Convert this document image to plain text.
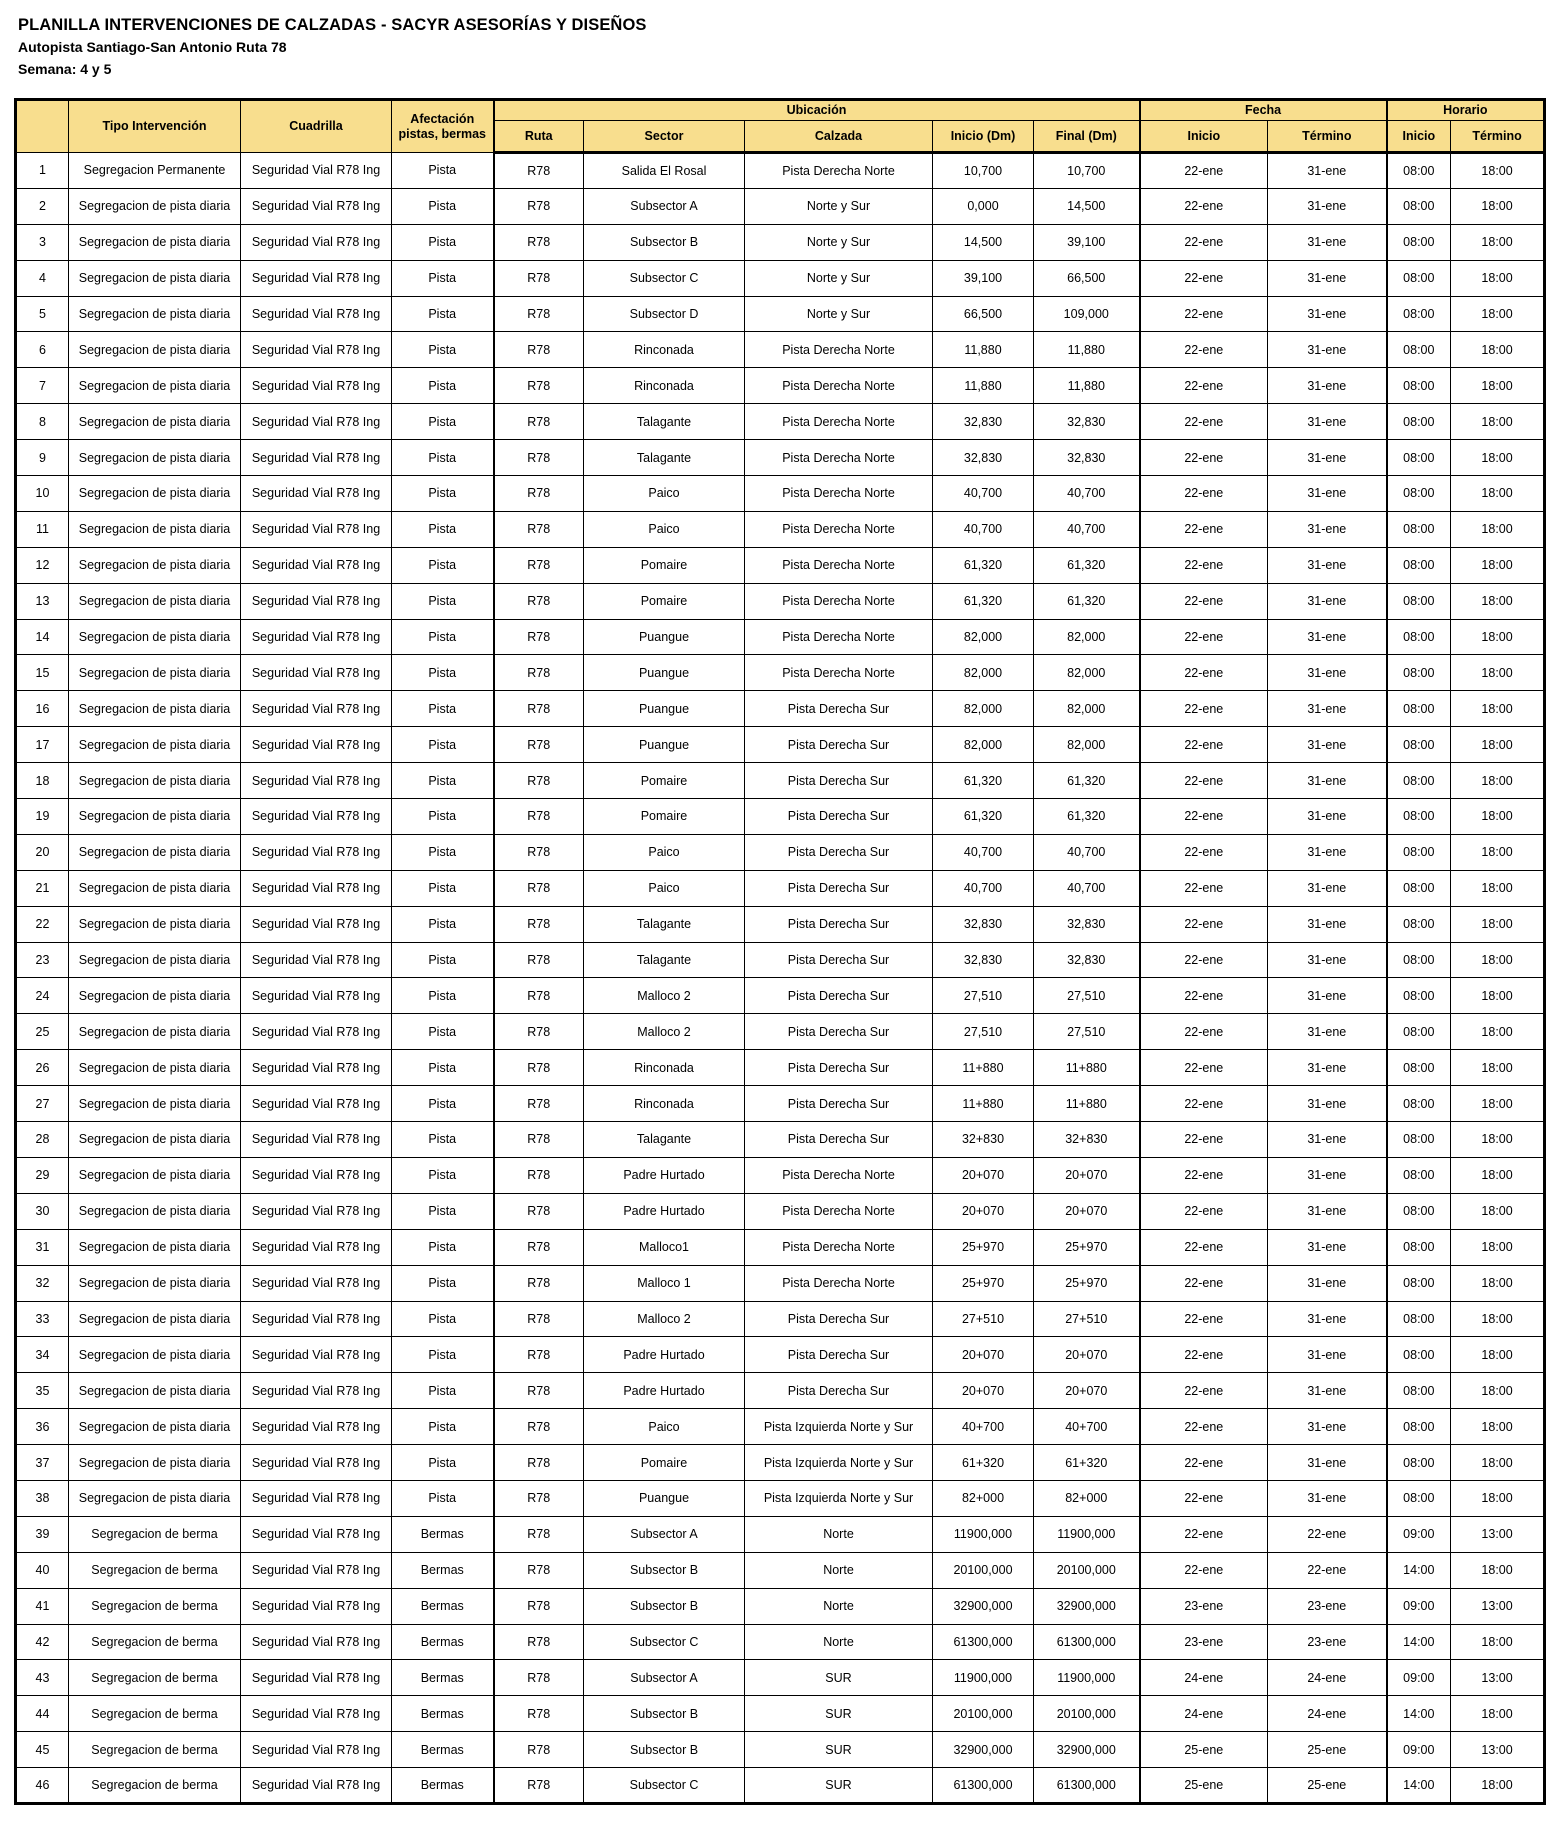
PLANILLA INTERVENCIONES DE CALZADAS - SACYR ASESORÍAS Y DISEÑOS
Autopista Santiago-San Antonio Ruta 78
Semana: 4 y 5
	Tipo Intervención	Cuadrilla	Afectación pistas, bermas	Ubicación					Fecha		Horario	
				Ruta	Sector	Calzada	Inicio (Dm)	Final (Dm)	Inicio	Término	Inicio	Término
1	Segregacion Permanente	Seguridad Vial R78 Ing	Pista	R78	Salida El Rosal	Pista Derecha Norte	10,700	10,700	22-ene	31-ene	08:00	18:00
2	Segregacion de pista diaria	Seguridad Vial R78 Ing	Pista	R78	Subsector A	Norte y Sur	0,000	14,500	22-ene	31-ene	08:00	18:00
3	Segregacion de pista diaria	Seguridad Vial R78 Ing	Pista	R78	Subsector B	Norte y Sur	14,500	39,100	22-ene	31-ene	08:00	18:00
4	Segregacion de pista diaria	Seguridad Vial R78 Ing	Pista	R78	Subsector C	Norte y Sur	39,100	66,500	22-ene	31-ene	08:00	18:00
5	Segregacion de pista diaria	Seguridad Vial R78 Ing	Pista	R78	Subsector D	Norte y Sur	66,500	109,000	22-ene	31-ene	08:00	18:00
6	Segregacion de pista diaria	Seguridad Vial R78 Ing	Pista	R78	Rinconada	Pista Derecha Norte	11,880	11,880	22-ene	31-ene	08:00	18:00
7	Segregacion de pista diaria	Seguridad Vial R78 Ing	Pista	R78	Rinconada	Pista Derecha Norte	11,880	11,880	22-ene	31-ene	08:00	18:00
8	Segregacion de pista diaria	Seguridad Vial R78 Ing	Pista	R78	Talagante	Pista Derecha Norte	32,830	32,830	22-ene	31-ene	08:00	18:00
9	Segregacion de pista diaria	Seguridad Vial R78 Ing	Pista	R78	Talagante	Pista Derecha Norte	32,830	32,830	22-ene	31-ene	08:00	18:00
10	Segregacion de pista diaria	Seguridad Vial R78 Ing	Pista	R78	Paico	Pista Derecha Norte	40,700	40,700	22-ene	31-ene	08:00	18:00
11	Segregacion de pista diaria	Seguridad Vial R78 Ing	Pista	R78	Paico	Pista Derecha Norte	40,700	40,700	22-ene	31-ene	08:00	18:00
12	Segregacion de pista diaria	Seguridad Vial R78 Ing	Pista	R78	Pomaire	Pista Derecha Norte	61,320	61,320	22-ene	31-ene	08:00	18:00
13	Segregacion de pista diaria	Seguridad Vial R78 Ing	Pista	R78	Pomaire	Pista Derecha Norte	61,320	61,320	22-ene	31-ene	08:00	18:00
14	Segregacion de pista diaria	Seguridad Vial R78 Ing	Pista	R78	Puangue	Pista Derecha Norte	82,000	82,000	22-ene	31-ene	08:00	18:00
15	Segregacion de pista diaria	Seguridad Vial R78 Ing	Pista	R78	Puangue	Pista Derecha Norte	82,000	82,000	22-ene	31-ene	08:00	18:00
16	Segregacion de pista diaria	Seguridad Vial R78 Ing	Pista	R78	Puangue	Pista Derecha Sur	82,000	82,000	22-ene	31-ene	08:00	18:00
17	Segregacion de pista diaria	Seguridad Vial R78 Ing	Pista	R78	Puangue	Pista Derecha Sur	82,000	82,000	22-ene	31-ene	08:00	18:00
18	Segregacion de pista diaria	Seguridad Vial R78 Ing	Pista	R78	Pomaire	Pista Derecha Sur	61,320	61,320	22-ene	31-ene	08:00	18:00
19	Segregacion de pista diaria	Seguridad Vial R78 Ing	Pista	R78	Pomaire	Pista Derecha Sur	61,320	61,320	22-ene	31-ene	08:00	18:00
20	Segregacion de pista diaria	Seguridad Vial R78 Ing	Pista	R78	Paico	Pista Derecha Sur	40,700	40,700	22-ene	31-ene	08:00	18:00
21	Segregacion de pista diaria	Seguridad Vial R78 Ing	Pista	R78	Paico	Pista Derecha Sur	40,700	40,700	22-ene	31-ene	08:00	18:00
22	Segregacion de pista diaria	Seguridad Vial R78 Ing	Pista	R78	Talagante	Pista Derecha Sur	32,830	32,830	22-ene	31-ene	08:00	18:00
23	Segregacion de pista diaria	Seguridad Vial R78 Ing	Pista	R78	Talagante	Pista Derecha Sur	32,830	32,830	22-ene	31-ene	08:00	18:00
24	Segregacion de pista diaria	Seguridad Vial R78 Ing	Pista	R78	Malloco 2	Pista Derecha Sur	27,510	27,510	22-ene	31-ene	08:00	18:00
25	Segregacion de pista diaria	Seguridad Vial R78 Ing	Pista	R78	Malloco 2	Pista Derecha Sur	27,510	27,510	22-ene	31-ene	08:00	18:00
26	Segregacion de pista diaria	Seguridad Vial R78 Ing	Pista	R78	Rinconada	Pista Derecha Sur	11+880	11+880	22-ene	31-ene	08:00	18:00
27	Segregacion de pista diaria	Seguridad Vial R78 Ing	Pista	R78	Rinconada	Pista Derecha Sur	11+880	11+880	22-ene	31-ene	08:00	18:00
28	Segregacion de pista diaria	Seguridad Vial R78 Ing	Pista	R78	Talagante	Pista Derecha Sur	32+830	32+830	22-ene	31-ene	08:00	18:00
29	Segregacion de pista diaria	Seguridad Vial R78 Ing	Pista	R78	Padre Hurtado	Pista Derecha Norte	20+070	20+070	22-ene	31-ene	08:00	18:00
30	Segregacion de pista diaria	Seguridad Vial R78 Ing	Pista	R78	Padre Hurtado	Pista Derecha Norte	20+070	20+070	22-ene	31-ene	08:00	18:00
31	Segregacion de pista diaria	Seguridad Vial R78 Ing	Pista	R78	Malloco1	Pista Derecha Norte	25+970	25+970	22-ene	31-ene	08:00	18:00
32	Segregacion de pista diaria	Seguridad Vial R78 Ing	Pista	R78	Malloco 1	Pista Derecha Norte	25+970	25+970	22-ene	31-ene	08:00	18:00
33	Segregacion de pista diaria	Seguridad Vial R78 Ing	Pista	R78	Malloco 2	Pista Derecha Sur	27+510	27+510	22-ene	31-ene	08:00	18:00
34	Segregacion de pista diaria	Seguridad Vial R78 Ing	Pista	R78	Padre Hurtado	Pista Derecha Sur	20+070	20+070	22-ene	31-ene	08:00	18:00
35	Segregacion de pista diaria	Seguridad Vial R78 Ing	Pista	R78	Padre Hurtado	Pista Derecha Sur	20+070	20+070	22-ene	31-ene	08:00	18:00
36	Segregacion de pista diaria	Seguridad Vial R78 Ing	Pista	R78	Paico	Pista Izquierda Norte y Sur	40+700	40+700	22-ene	31-ene	08:00	18:00
37	Segregacion de pista diaria	Seguridad Vial R78 Ing	Pista	R78	Pomaire	Pista Izquierda Norte y Sur	61+320	61+320	22-ene	31-ene	08:00	18:00
38	Segregacion de pista diaria	Seguridad Vial R78 Ing	Pista	R78	Puangue	Pista Izquierda Norte y Sur	82+000	82+000	22-ene	31-ene	08:00	18:00
39	Segregacion de berma	Seguridad Vial R78 Ing	Bermas	R78	Subsector A	Norte	11900,000	11900,000	22-ene	22-ene	09:00	13:00
40	Segregacion de berma	Seguridad Vial R78 Ing	Bermas	R78	Subsector B	Norte	20100,000	20100,000	22-ene	22-ene	14:00	18:00
41	Segregacion de berma	Seguridad Vial R78 Ing	Bermas	R78	Subsector B	Norte	32900,000	32900,000	23-ene	23-ene	09:00	13:00
42	Segregacion de berma	Seguridad Vial R78 Ing	Bermas	R78	Subsector C	Norte	61300,000	61300,000	23-ene	23-ene	14:00	18:00
43	Segregacion de berma	Seguridad Vial R78 Ing	Bermas	R78	Subsector A	SUR	11900,000	11900,000	24-ene	24-ene	09:00	13:00
44	Segregacion de berma	Seguridad Vial R78 Ing	Bermas	R78	Subsector B	SUR	20100,000	20100,000	24-ene	24-ene	14:00	18:00
45	Segregacion de berma	Seguridad Vial R78 Ing	Bermas	R78	Subsector B	SUR	32900,000	32900,000	25-ene	25-ene	09:00	13:00
46	Segregacion de berma	Seguridad Vial R78 Ing	Bermas	R78	Subsector C	SUR	61300,000	61300,000	25-ene	25-ene	14:00	18:00
